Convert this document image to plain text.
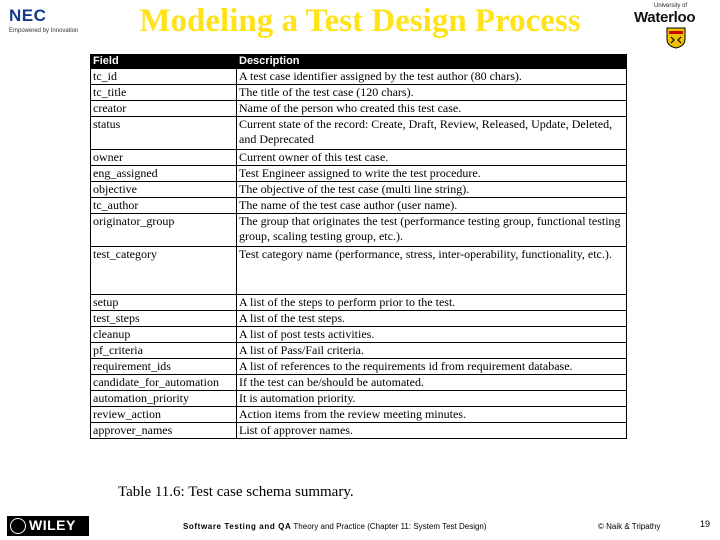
NEC
Empowered by Innovation	Modeling a Test Design Process	University of
Waterloo
Field	Description
tc_id	A test case identifier assigned by the test author (80 chars).
tc_title	The title of the test case (120 chars).
creator	Name of the person who created this test case.
status	Current state of the record: Create, Draft, Review, Released, Update, Deleted, and Deprecated
owner	Current owner of this test case.
eng_assigned	Test Engineer assigned to write the test procedure.
objective	The objective of the test case (multi line string).
tc_author	The name of the test case author (user name).
originator_group	The group that originates the test (performance testing group, functional testing group, scaling testing group, etc.).
test_category	Test category name (performance, stress, inter-operability, functionality, etc.).
setup	A list of the steps to perform prior to the test.
test_steps	A list of the test steps.
cleanup	A list of post tests activities.
pf_criteria	A list of Pass/Fail criteria.
requirement_ids	A list of references to the requirements id from requirement database.
candidate_for_automation	If the test can be/should be automated.
automation_priority	It is automation priority.
review_action	Action items from the review meeting minutes.
approver_names	List of approver names.
Table 11.6: Test case schema summary.
WILEY	Software Testing and QA Theory and Practice (Chapter 11: System Test Design)	© Naik & Tripathy	19
